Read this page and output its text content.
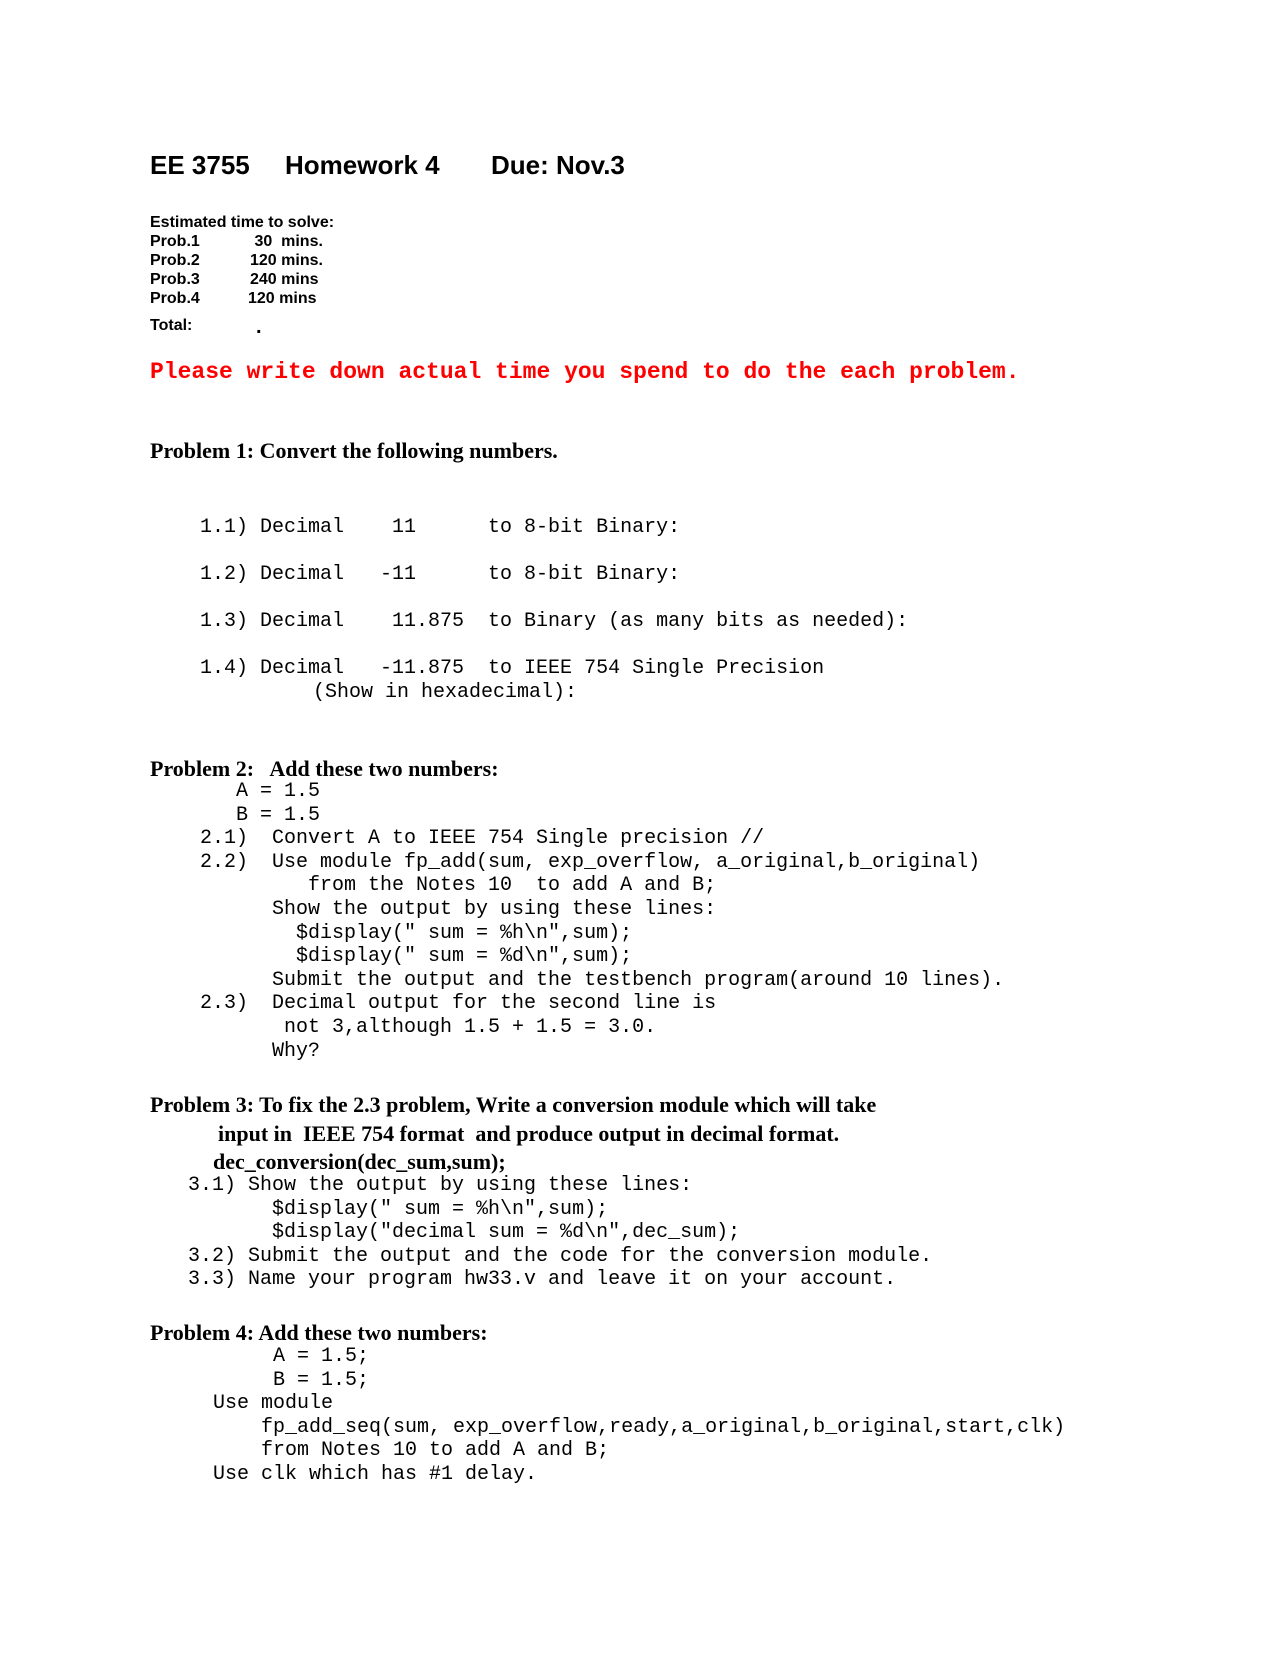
EE 3755 Homework 4 Due: Nov.3
Estimated time to solve:
Prob.1	30  mins.
Prob.2	120 mins.
Prob.3	240 mins
Prob.4	120 mins
Total:	.
Please write down actual time you spend to do the each problem.
Problem 1: Convert the following numbers.
1.1) Decimal    11      to 8-bit Binary:
1.2) Decimal   -11      to 8-bit Binary:
1.3) Decimal    11.875  to Binary (as many bits as needed):
1.4) Decimal   -11.875  to IEEE 754 Single Precision
(Show in hexadecimal):
Problem 2:   Add these two numbers:
A = 1.5
B = 1.5
2.1)  Convert A to IEEE 754 Single precision //
2.2)  Use module fp_add(sum, exp_overflow, a_original,b_original)
from the Notes 10  to add A and B;
Show the output by using these lines:
$display(" sum = %h\n",sum);
$display(" sum = %d\n",sum);
Submit the output and the testbench program(around 10 lines).
2.3)  Decimal output for the second line is
not 3,although 1.5 + 1.5 = 3.0.
Why?
Problem 3: To fix the 2.3 problem, Write a conversion module which will take
input in  IEEE 754 format  and produce output in decimal format.
dec_conversion(dec_sum,sum);
3.1) Show the output by using these lines:
$display(" sum = %h\n",sum);
$display("decimal sum = %d\n",dec_sum);
3.2) Submit the output and the code for the conversion module.
3.3) Name your program hw33.v and leave it on your account.
Problem 4: Add these two numbers:
A = 1.5;
B = 1.5;
Use module
fp_add_seq(sum, exp_overflow,ready,a_original,b_original,start,clk)
from Notes 10 to add A and B;
Use clk which has #1 delay.
